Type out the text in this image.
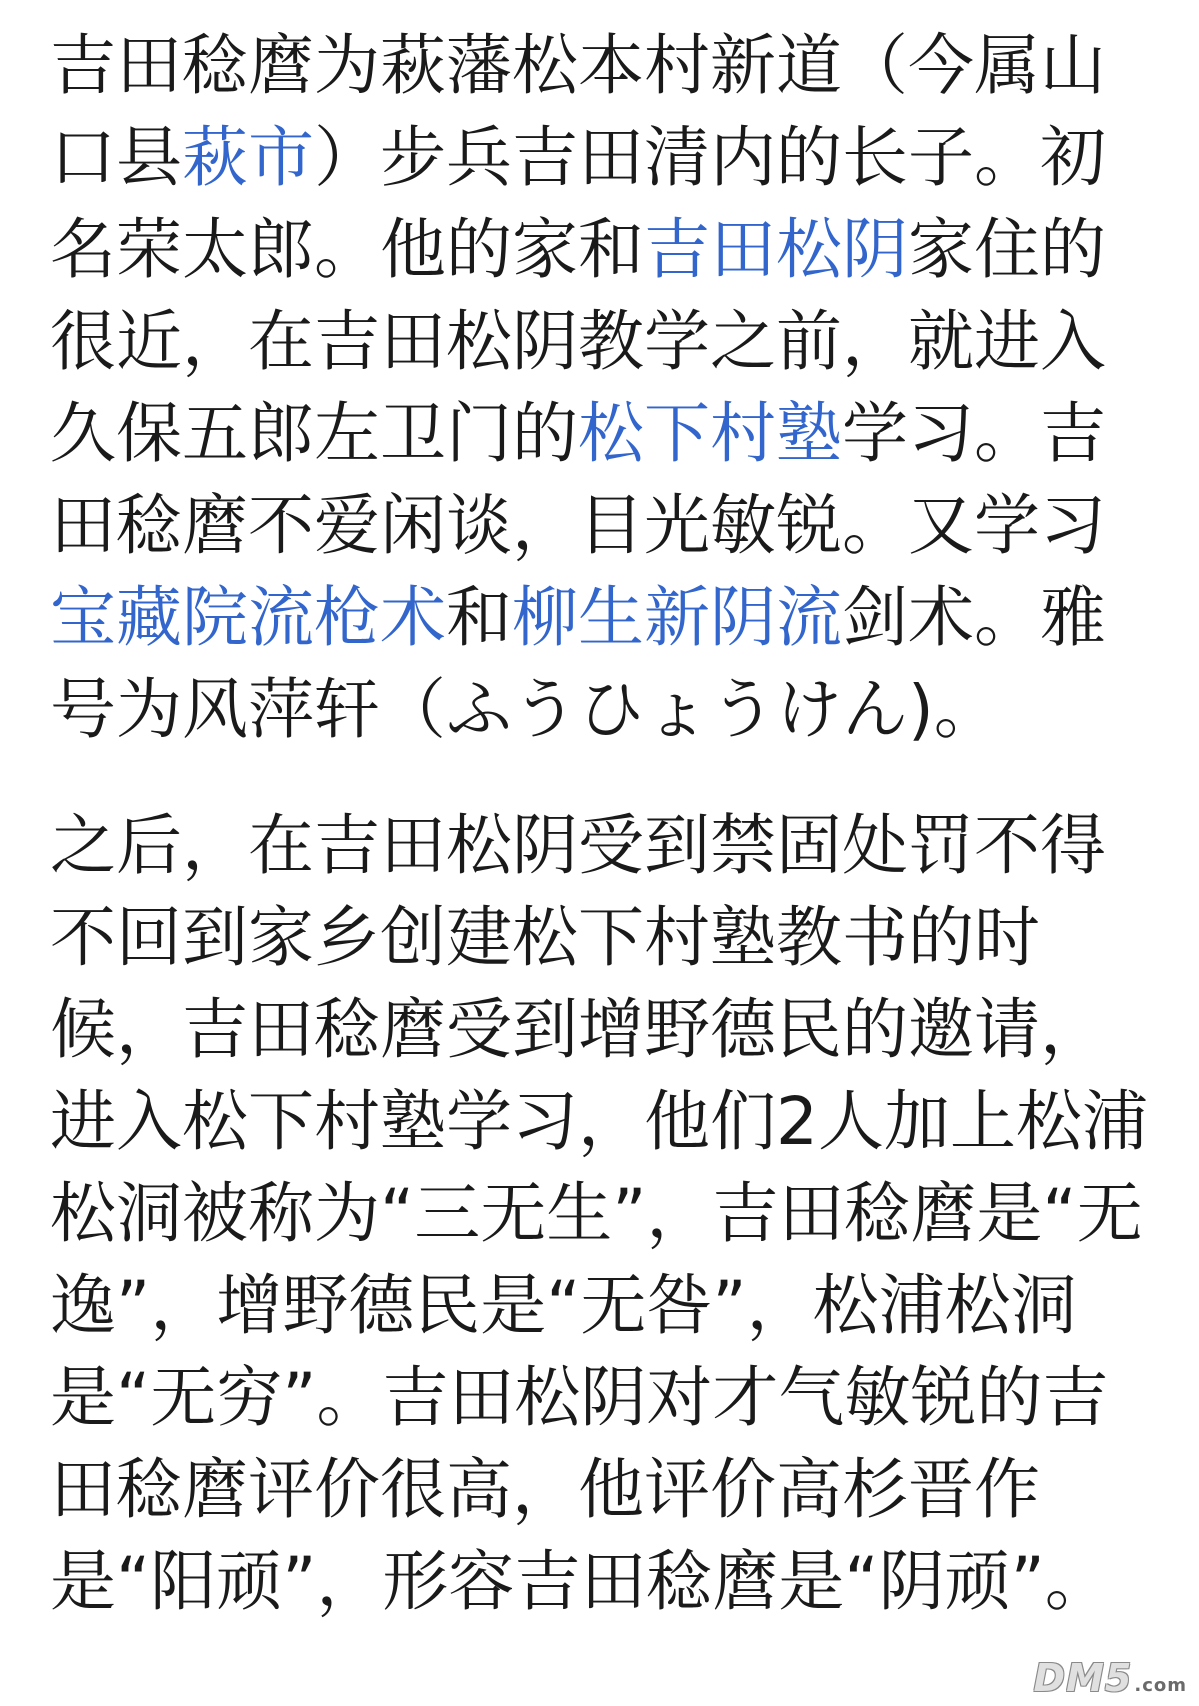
吉田稔麿为萩藩松本村新道（今属山口县萩市）步兵吉田清内的长子。初名荣太郎。他的家和吉田松阴家住的很近，在吉田松阴教学之前，就进入久保五郎左卫门的松下村塾学习。吉田稔麿不爱闲谈，目光敏锐。又学习宝藏院流枪术和柳生新阴流剑术。雅号为风萍轩（ふうひょうけん)。

之后，在吉田松阴受到禁固处罚不得不回到家乡创建松下村塾教书的时候，吉田稔麿受到增野德民的邀请，进入松下村塾学习，他们2人加上松浦松洞被称为“三无生”，吉田稔麿是“无逸”，增野德民是“无咎”，松浦松洞是“无穷”。吉田松阴对才气敏锐的吉田稔麿评价很高，他评价高杉晋作是“阳顽”，形容吉田稔麿是“阴顽”。

DM5 .com
